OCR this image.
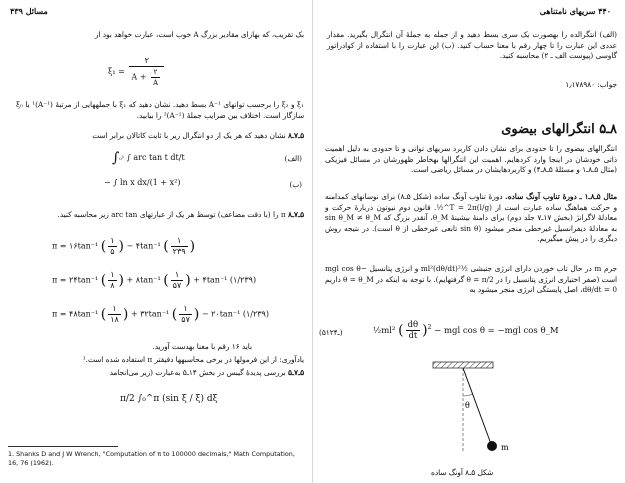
مسائل ۴۳۹
بک تقریب، که بهازای مقادیر بزرگ A خوب است، عبارت خواهد بود از
$\xi_1 = \frac{۲}{A + \frac{۲}{A}}$
ξ₁ و ξ₂ را برحسب توانهای A⁻¹ بسط دهید. نشان دهید که ξ₁ با جملههایی از مرتبهٔ (A⁻¹)¹ با ξ₀ سازگار است. اختلاف بین ضرایب جملهٔ (A⁻¹)² را بیابید.
۵ـ۷ـ۸ نشان دهید که هر یک از دو انتگرال زیر با ثابت کاتالان برابر است
∫₀¹ ∫ arc tan t dt/t	(الف)
− ∫ ln x dx/(1 + x²)	(ب)
۵ـ۷ـ۸ π را (با دقت مضاعف) توسط هر یک از عبارتهای arc tan زیر محاسبه کنید.
π = ۱۶tan⁻¹ ( $\frac{۱}{۵}$ ) − ۴tan⁻¹ ( $\frac{۱}{۲۳۹}$ )
π = ۲۴tan⁻¹ ( $\frac{۱}{۸}$ ) + ۸tan⁻¹ ( $\frac{۱}{۵۷}$ ) + ۴tan⁻¹ (۱/۲۳۹)
π = ۴۸tan⁻¹ ( $\frac{۱}{۱۸}$ ) + ۳۲tan⁻¹ ( $\frac{۱}{۵۷}$ ) − ۲۰tan⁻¹ (۱/۲۳۹)
باید ۱۶ رقم با معنا بهدست آورید.
یادآوری: از این فرمولها در برخی محاسبهها دقیقتر π استفاده شده است.¹
۵ـ۷ـ۵ بررسی پدیدهٔ گیبس در بخش ۱۴ـ۵ به‌عبارت (زیر می‌انجامد
π/2 ∫₀^π (sin ξ / ξ) dξ
1. Shanks D and J W Wrench, "Computation of π to 100000 decimals," Math Computation, 16, 76 (1962).
۴۴۰ سریهای نامتناهی
(الف) انتگرالده را بهصورت یک سری بسط دهید و از جمله به جملهٔ آن انتگرال بگیرید. مقدار عددی این عبارت را تا چهار رقم با معنا حساب کنید. (ب) این عبارت را با استفاده از کوادراتور گاوسی (پیوست الف ـ ۲) محاسبه کنید.
جواب: ۱٫۱۷۸۹۸۰
۸ـ۵ انتگرالهای بیضوی
انتگرالهای بیضوی را تا حدودی برای نشان دادن کاربرد سریهای توانی و تا حدودی به دلیل اهمیت ذاتی خودشان در اینجا وارد کردهایم. اهمیت این انتگرالها بهخاطر ظهورشان در مسائل فیزیکی (مثال ۵ـ۸ـ۱ و مسئلهٔ ۵ـ۸ـ۴) و کاربردهایشان در مسائل ریاضی است.
مثال ۵ـ۸ـ۱ ـ دورهٔ تناوب آونگ ساده. دورهٔ تناوب آونگ ساده (شکل ۵ـ۸) برای نوسانهای کمدامنه و حرکت هماهنگ ساده عبارت است از T = 2π(l/g)^½. قانون دوم نیوتون دربارهٔ حرکت و معادلهٔ لاگرانژ (بخش ۱۷ـ۷ جلد دوم) برای دامنهٔ بیشینهٔ θ_M، آنقدر بزرگ که sin θ_M ≠ θ_M به معادلهٔ دیفرانسیل غیرخطی منجر میشود (sin θ تابعی غیرخطی از θ است). در نتیجه روش دیگری را در پیش میگیریم.
جرم m در حال تاب خوردن دارای انرژی جنبشی ½ml²(dθ/dt)² و انرژی پتانسیل −mgl cos θ است (صفر اختیاری انرژی پتانسیل را در θ = π/2 گرفتهایم). با توجه به اینکه در θ = θ_M داریم dθ/dt = 0، اصل پایستگی انرژی منجر میشود به
½ml² ( $\frac{d\theta}{dt} )^2$ − mgl cos θ = −mgl cos θ_M
(۵ـ۱۲۴)
θ
m
شکل ۵ـ۸ آونگ ساده
